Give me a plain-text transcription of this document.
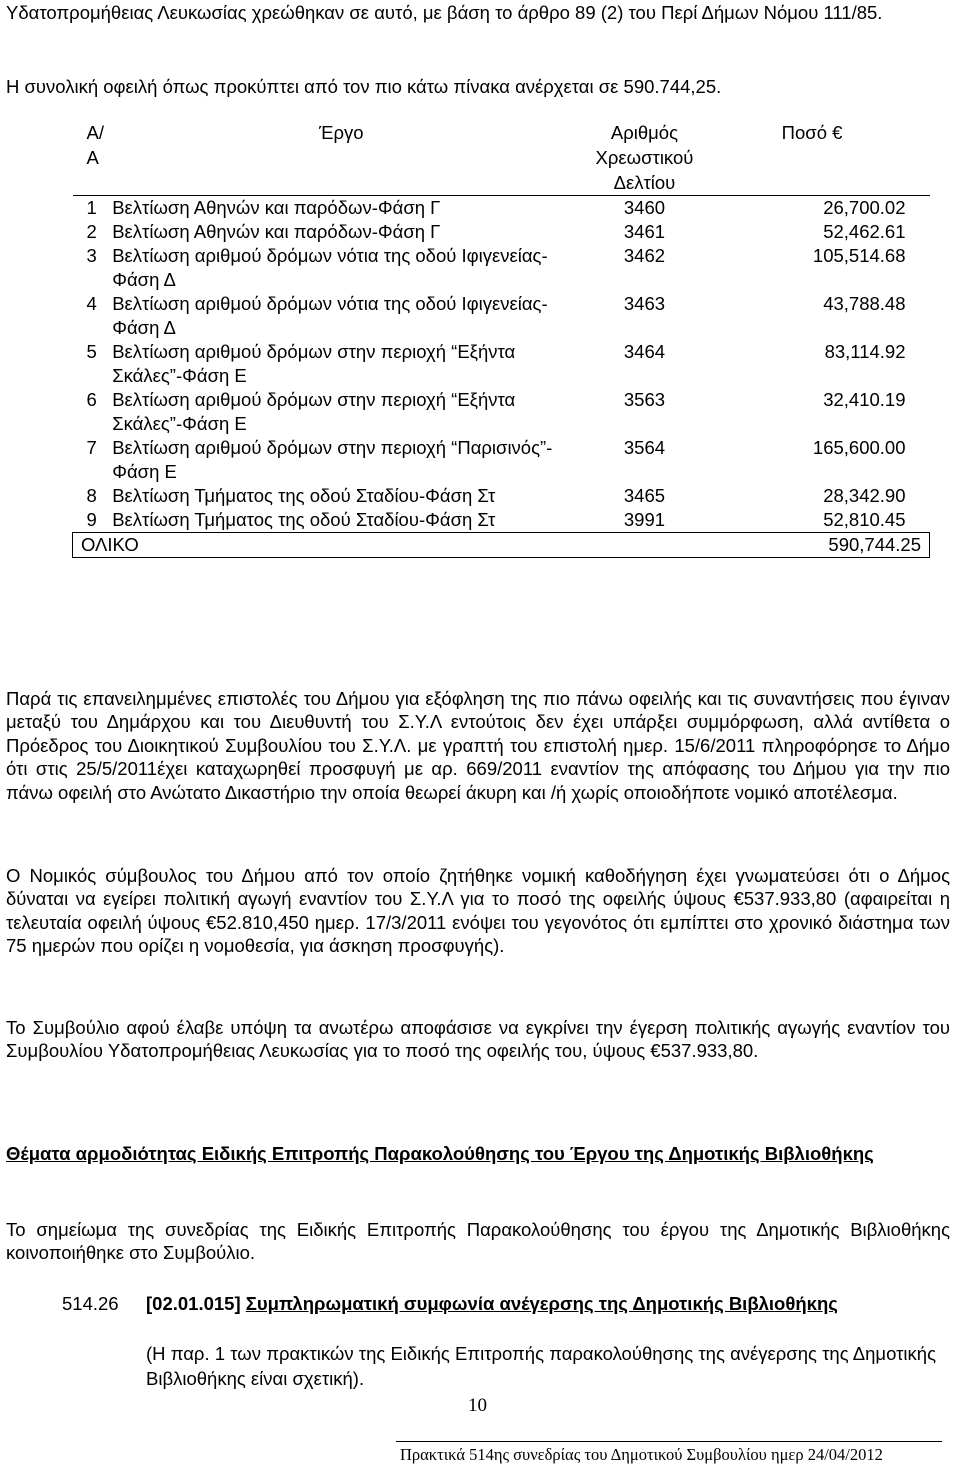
Υδατοπρομήθειας Λευκωσίας χρεώθηκαν σε αυτό, με βάση το άρθρο 89 (2) του Περί Δήμων Νόμου 111/85.

Η συνολική οφειλή όπως προκύπτει από τον πιο κάτω πίνακα ανέρχεται σε 590.744,25.

Α/Α	Έργο	Αριθμός Χρεωστικού Δελτίου	Ποσό €
1	Βελτίωση Αθηνών και παρόδων-Φάση Γ	3460	26,700.02
2	Βελτίωση Αθηνών και παρόδων-Φάση Γ	3461	52,462.61
3	Βελτίωση αριθμού δρόμων νότια της οδού Ιφιγενείας-Φάση Δ	3462	105,514.68
4	Βελτίωση αριθμού δρόμων νότια της οδού Ιφιγενείας-Φάση Δ	3463	43,788.48
5	Βελτίωση αριθμού δρόμων στην περιοχή “Εξήντα Σκάλες”-Φάση Ε	3464	83,114.92
6	Βελτίωση αριθμού δρόμων στην περιοχή “Εξήντα Σκάλες”-Φάση Ε	3563	32,410.19
7	Βελτίωση αριθμού δρόμων στην περιοχή “Παρισινός”-Φάση Ε	3564	165,600.00
8	Βελτίωση Τμήματος της οδού Σταδίου-Φάση Στ	3465	28,342.90
9	Βελτίωση Τμήματος της οδού Σταδίου-Φάση Στ	3991	52,810.45
ΟΛΙΚΟ		590,744.25	

Παρά τις επανειλημμένες επιστολές του Δήμου για εξόφληση της πιο πάνω οφειλής και τις συναντήσεις που έγιναν μεταξύ του Δημάρχου και του Διευθυντή του Σ.Υ.Λ εντούτοις δεν έχει υπάρξει συμμόρφωση, αλλά αντίθετα ο Πρόεδρος του Διοικητικού Συμβουλίου του Σ.Υ.Λ. με γραπτή του επιστολή ημερ. 15/6/2011 πληροφόρησε το Δήμο ότι στις 25/5/2011έχει καταχωρηθεί προσφυγή με αρ. 669/2011 εναντίον της απόφασης του Δήμου για την πιο πάνω οφειλή στο Ανώτατο Δικαστήριο την οποία θεωρεί άκυρη και /ή χωρίς οποιοδήποτε νομικό αποτέλεσμα.

Ο Νομικός σύμβουλος του Δήμου από τον οποίο ζητήθηκε νομική καθοδήγηση έχει γνωματεύσει ότι ο Δήμος δύναται να εγείρει πολιτική αγωγή εναντίον του Σ.Υ.Λ για το ποσό της οφειλής ύψους €537.933,80 (αφαιρείται η τελευταία οφειλή ύψους €52.810,450 ημερ. 17/3/2011 ενόψει του γεγονότος ότι εμπίπτει στο χρονικό διάστημα των 75 ημερών που ορίζει η νομοθεσία, για άσκηση προσφυγής).

Το Συμβούλιο αφού έλαβε υπόψη τα ανωτέρω αποφάσισε να εγκρίνει την έγερση πολιτικής αγωγής εναντίον του Συμβουλίου Υδατοπρομήθειας Λευκωσίας για το ποσό της οφειλής του, ύψους €537.933,80.

Θέματα αρμοδιότητας Ειδικής Επιτροπής Παρακολούθησης του Έργου της Δημοτικής Βιβλιοθήκης

Το σημείωμα της συνεδρίας της Ειδικής Επιτροπής Παρακολούθησης του έργου της Δημοτικής Βιβλιοθήκης κοινοποιήθηκε στο Συμβούλιο.

514.26 [02.01.015] Συμπληρωματική συμφωνία ανέγερσης της Δημοτικής Βιβλιοθήκης

(Η παρ. 1 των πρακτικών της Ειδικής Επιτροπής παρακολούθησης της ανέγερσης της Δημοτικής Βιβλιοθήκης είναι σχετική).

10
Πρακτικά 514ης συνεδρίας του Δημοτικού Συμβουλίου ημερ 24/04/2012
